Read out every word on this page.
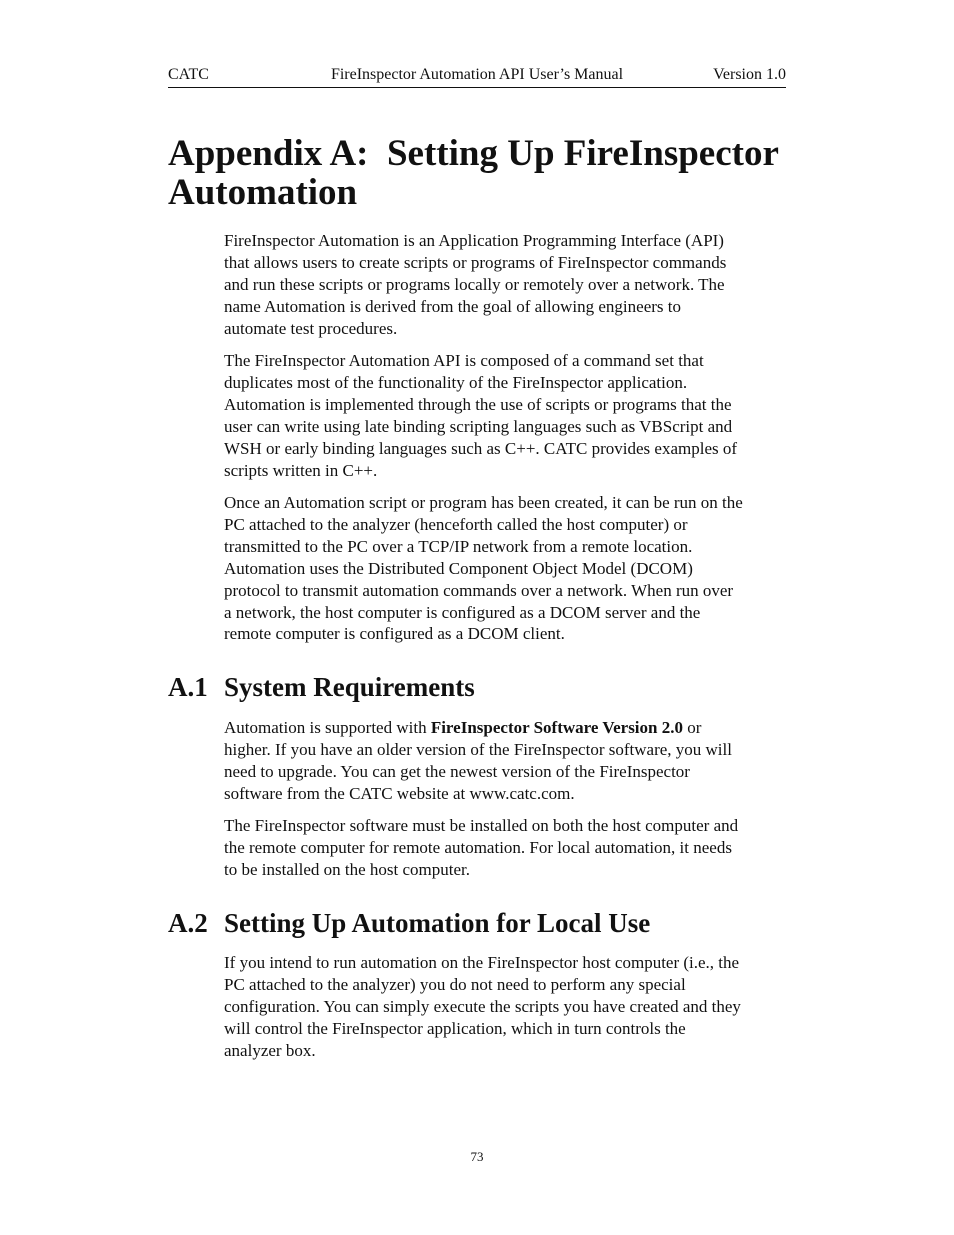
CATC	FireInspector Automation API User’s Manual	Version 1.0
Appendix A:  Setting Up FireInspector
Automation

FireInspector Automation is an Application Programming Interface (API)
that allows users to create scripts or programs of FireInspector commands
and run these scripts or programs locally or remotely over a network. The
name Automation is derived from the goal of allowing engineers to
automate test procedures.

The FireInspector Automation API is composed of a command set that
duplicates most of the functionality of the FireInspector application.
Automation is implemented through the use of scripts or programs that the
user can write using late binding scripting languages such as VBScript and
WSH or early binding languages such as C++. CATC provides examples of
scripts written in C++.

Once an Automation script or program has been created, it can be run on the
PC attached to the analyzer (henceforth called the host computer) or
transmitted to the PC over a TCP/IP network from a remote location.
Automation uses the Distributed Component Object Model (DCOM)
protocol to transmit automation commands over a network. When run over
a network, the host computer is configured as a DCOM server and the
remote computer is configured as a DCOM client.

A.1 System Requirements

Automation is supported with FireInspector Software Version 2.0 or
higher. If you have an older version of the FireInspector software, you will
need to upgrade. You can get the newest version of the FireInspector
software from the CATC website at www.catc.com.

The FireInspector software must be installed on both the host computer and
the remote computer for remote automation. For local automation, it needs
to be installed on the host computer.

A.2 Setting Up Automation for Local Use

If you intend to run automation on the FireInspector host computer (i.e., the
PC attached to the analyzer) you do not need to perform any special
configuration. You can simply execute the scripts you have created and they
will control the FireInspector application, which in turn controls the
analyzer box.

73
